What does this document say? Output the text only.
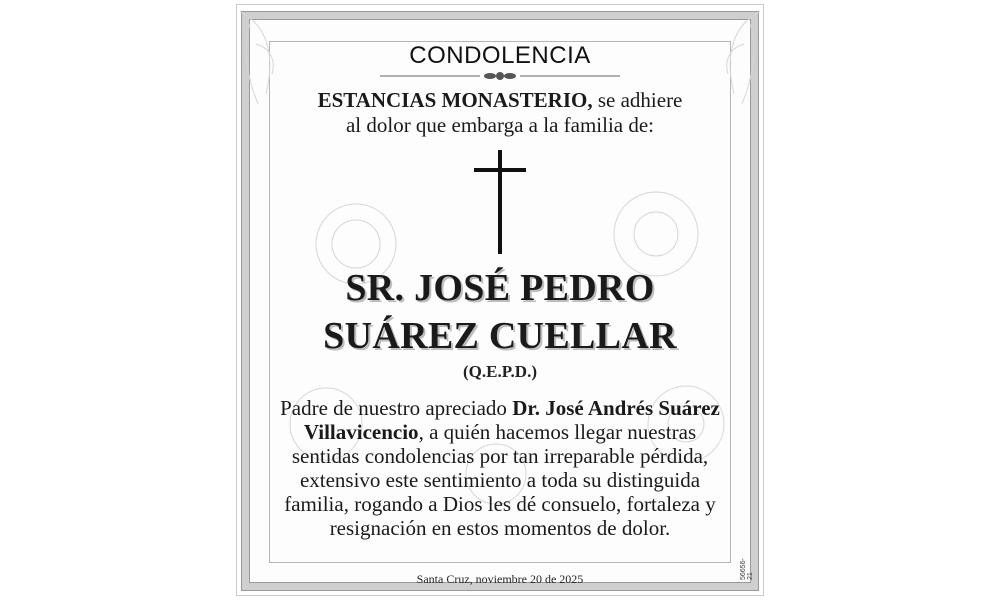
CONDOLENCIA
ESTANCIAS MONASTERIO, se adhiere
al dolor que embarga a la familia de:
SR. JOSÉ PEDRO
SUÁREZ CUELLAR
(Q.E.P.D.)
Padre de nuestro apreciado Dr. José Andrés Suárez Villavicencio, a quién hacemos llegar nuestras sentidas condolencias por tan irreparable pérdida, extensivo este sentimiento a toda su distinguida familia, rogando a Dios les dé consuelo, fortaleza y resignación en estos momentos de dolor.
Santa Cruz, noviembre 20 de 2025	56656-21
